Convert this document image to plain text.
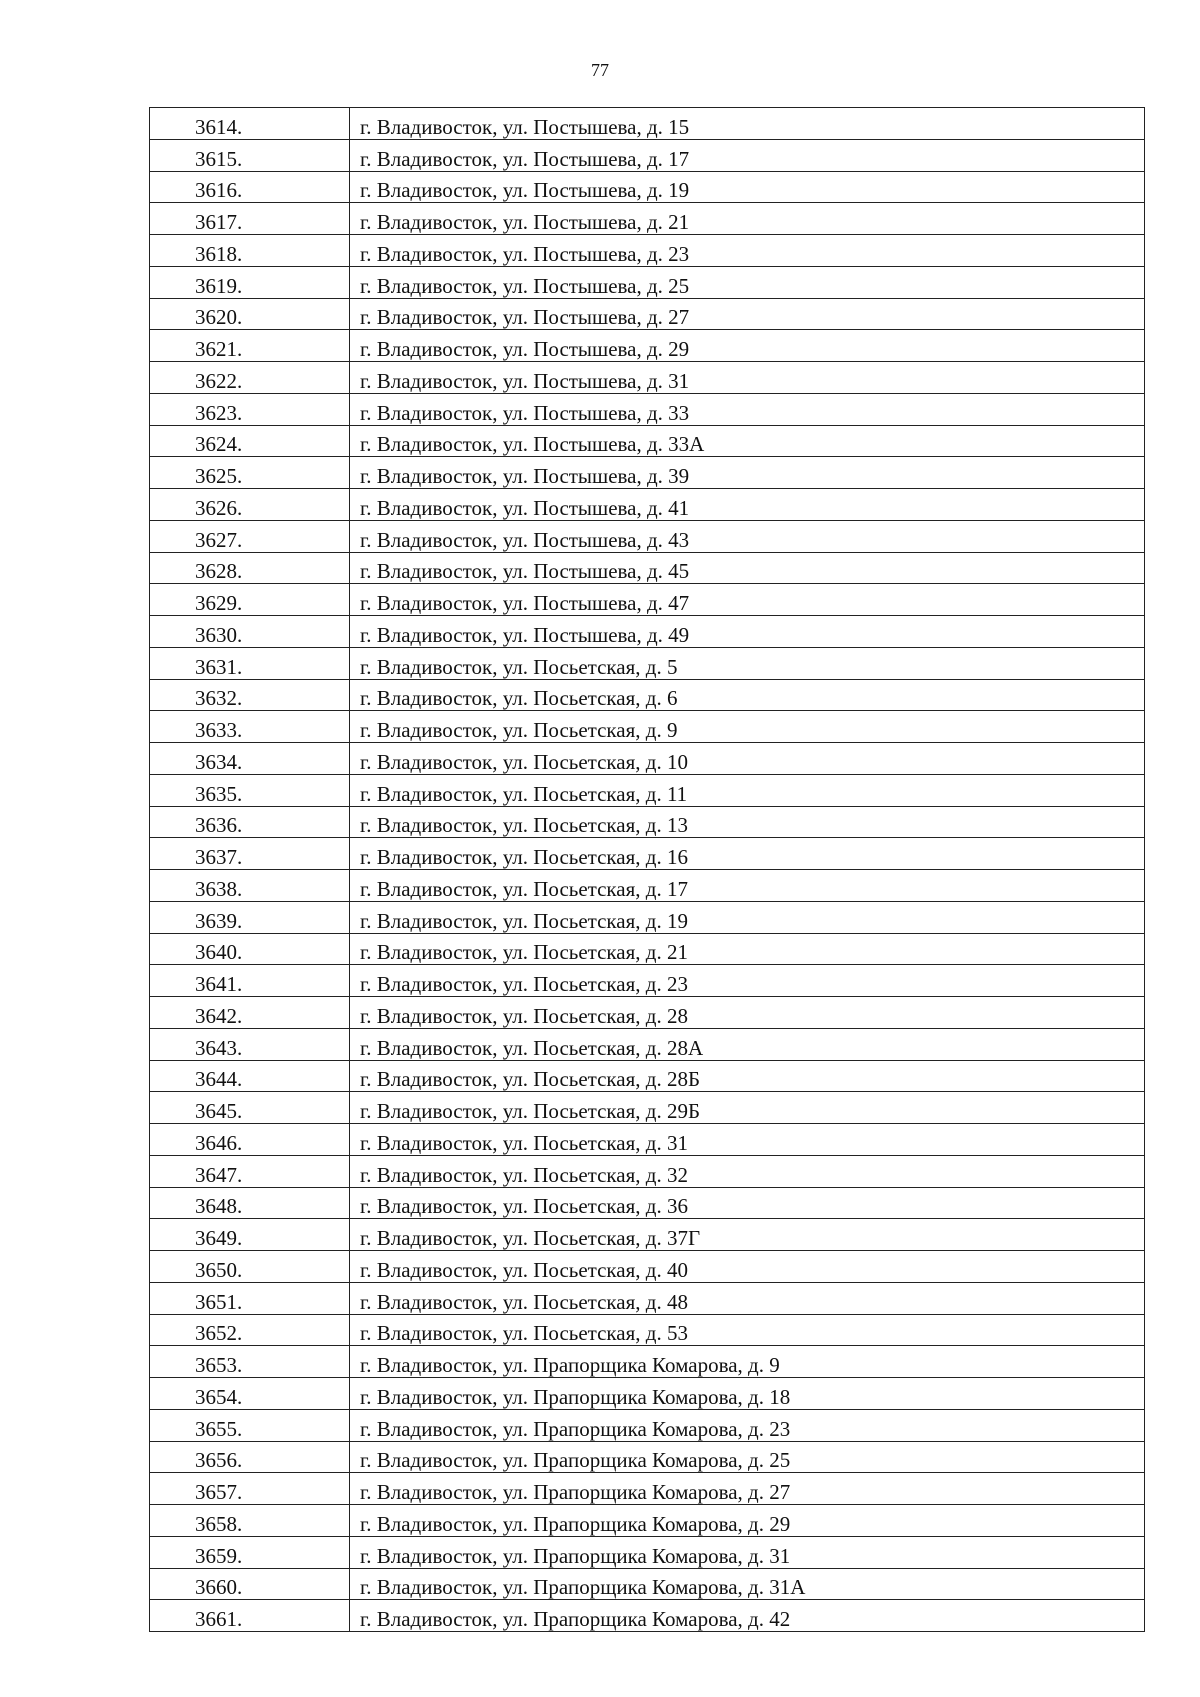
77
3614.	г. Владивосток, ул. Постышева, д. 15
3615.	г. Владивосток, ул. Постышева, д. 17
3616.	г. Владивосток, ул. Постышева, д. 19
3617.	г. Владивосток, ул. Постышева, д. 21
3618.	г. Владивосток, ул. Постышева, д. 23
3619.	г. Владивосток, ул. Постышева, д. 25
3620.	г. Владивосток, ул. Постышева, д. 27
3621.	г. Владивосток, ул. Постышева, д. 29
3622.	г. Владивосток, ул. Постышева, д. 31
3623.	г. Владивосток, ул. Постышева, д. 33
3624.	г. Владивосток, ул. Постышева, д. 33А
3625.	г. Владивосток, ул. Постышева, д. 39
3626.	г. Владивосток, ул. Постышева, д. 41
3627.	г. Владивосток, ул. Постышева, д. 43
3628.	г. Владивосток, ул. Постышева, д. 45
3629.	г. Владивосток, ул. Постышева, д. 47
3630.	г. Владивосток, ул. Постышева, д. 49
3631.	г. Владивосток, ул. Посьетская, д. 5
3632.	г. Владивосток, ул. Посьетская, д. 6
3633.	г. Владивосток, ул. Посьетская, д. 9
3634.	г. Владивосток, ул. Посьетская, д. 10
3635.	г. Владивосток, ул. Посьетская, д. 11
3636.	г. Владивосток, ул. Посьетская, д. 13
3637.	г. Владивосток, ул. Посьетская, д. 16
3638.	г. Владивосток, ул. Посьетская, д. 17
3639.	г. Владивосток, ул. Посьетская, д. 19
3640.	г. Владивосток, ул. Посьетская, д. 21
3641.	г. Владивосток, ул. Посьетская, д. 23
3642.	г. Владивосток, ул. Посьетская, д. 28
3643.	г. Владивосток, ул. Посьетская, д. 28А
3644.	г. Владивосток, ул. Посьетская, д. 28Б
3645.	г. Владивосток, ул. Посьетская, д. 29Б
3646.	г. Владивосток, ул. Посьетская, д. 31
3647.	г. Владивосток, ул. Посьетская, д. 32
3648.	г. Владивосток, ул. Посьетская, д. 36
3649.	г. Владивосток, ул. Посьетская, д. 37Г
3650.	г. Владивосток, ул. Посьетская, д. 40
3651.	г. Владивосток, ул. Посьетская, д. 48
3652.	г. Владивосток, ул. Посьетская, д. 53
3653.	г. Владивосток, ул. Прапорщика Комарова, д. 9
3654.	г. Владивосток, ул. Прапорщика Комарова, д. 18
3655.	г. Владивосток, ул. Прапорщика Комарова, д. 23
3656.	г. Владивосток, ул. Прапорщика Комарова, д. 25
3657.	г. Владивосток, ул. Прапорщика Комарова, д. 27
3658.	г. Владивосток, ул. Прапорщика Комарова, д. 29
3659.	г. Владивосток, ул. Прапорщика Комарова, д. 31
3660.	г. Владивосток, ул. Прапорщика Комарова, д. 31А
3661.	г. Владивосток, ул. Прапорщика Комарова, д. 42
